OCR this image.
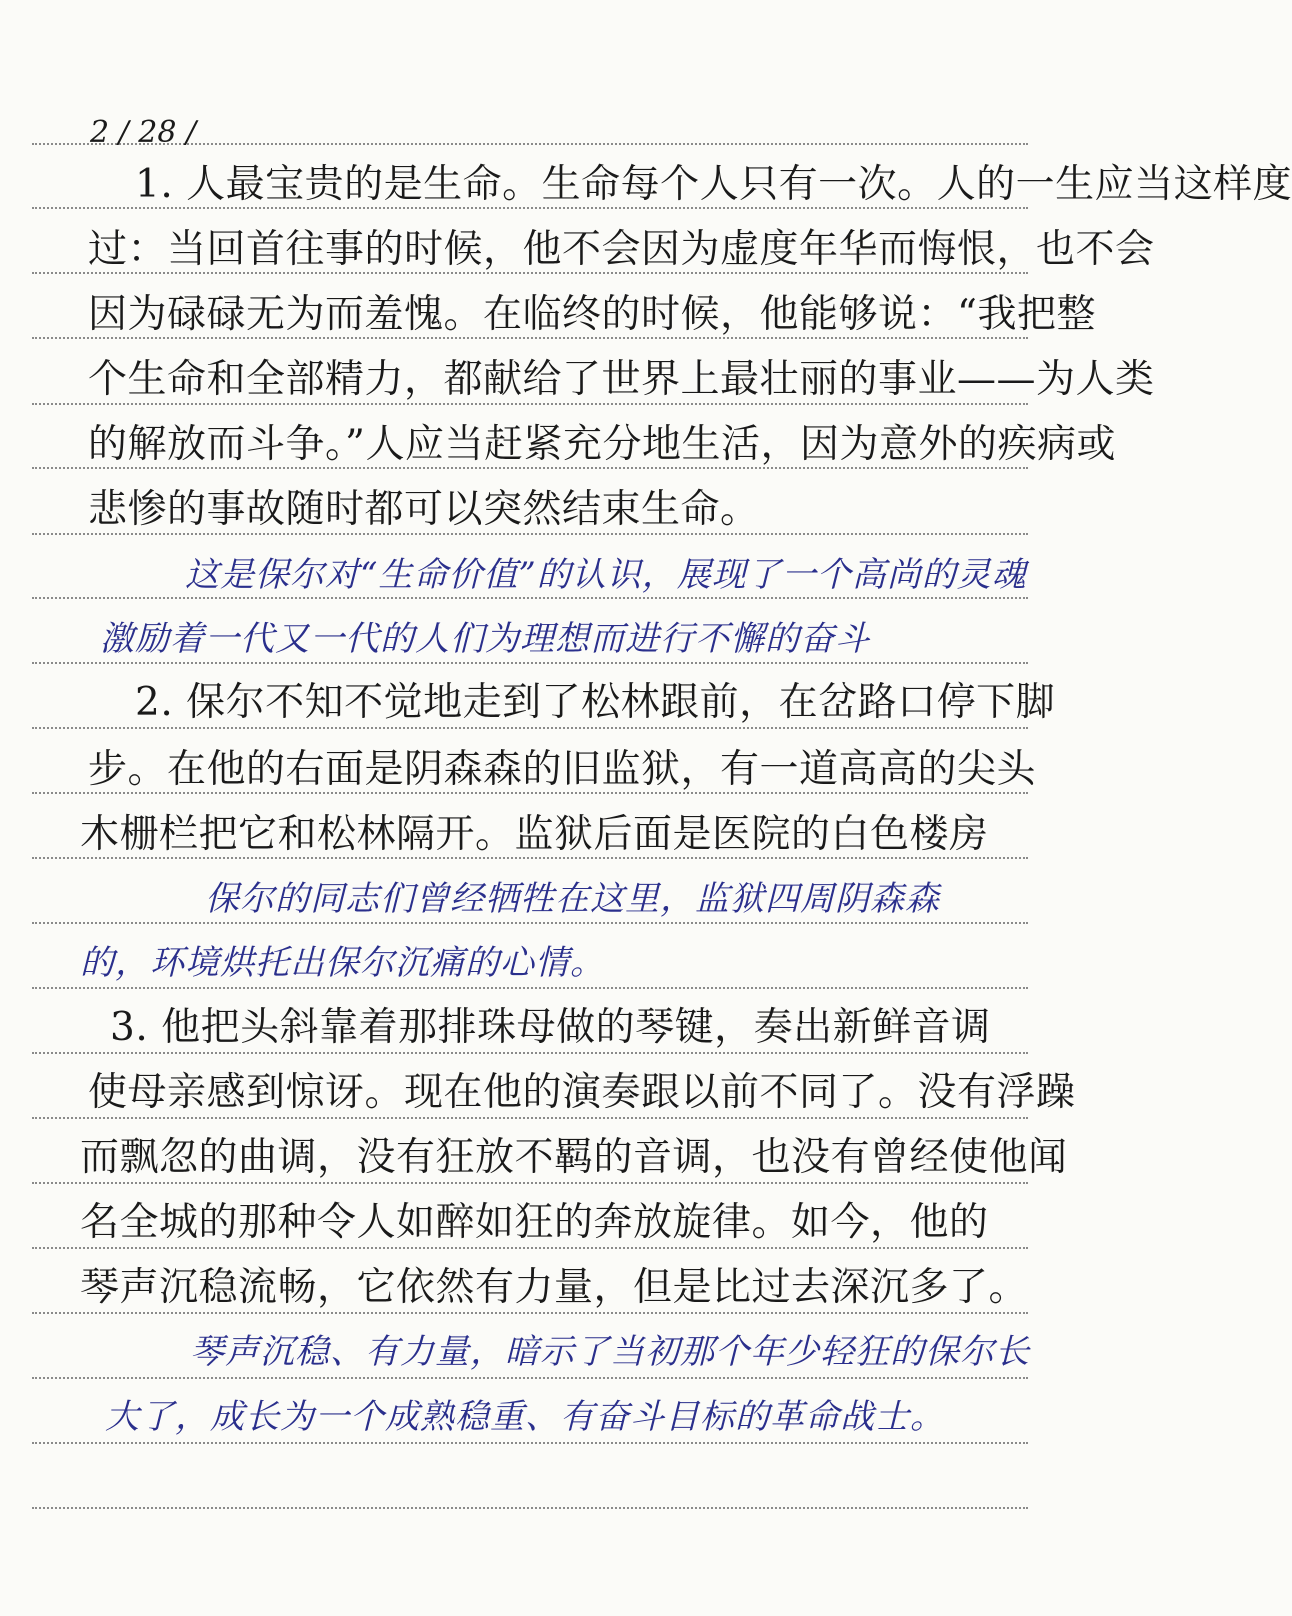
2 / 28 /
1. 人最宝贵的是生命。生命每个人只有一次。人的一生应当这样度
过：当回首往事的时候，他不会因为虚度年华而悔恨，也不会
因为碌碌无为而羞愧。在临终的时候，他能够说：“我把整
个生命和全部精力，都献给了世界上最壮丽的事业——为人类
的解放而斗争。”人应当赶紧充分地生活，因为意外的疾病或
悲惨的事故随时都可以突然结束生命。
这是保尔对“生命价值”的认识，展现了一个高尚的灵魂
激励着一代又一代的人们为理想而进行不懈的奋斗
2. 保尔不知不觉地走到了松林跟前，在岔路口停下脚
步。在他的右面是阴森森的旧监狱，有一道高高的尖头
木栅栏把它和松林隔开。监狱后面是医院的白色楼房
保尔的同志们曾经牺牲在这里，监狱四周阴森森
的，环境烘托出保尔沉痛的心情。
3. 他把头斜靠着那排珠母做的琴键，奏出新鲜音调
使母亲感到惊讶。现在他的演奏跟以前不同了。没有浮躁
而飘忽的曲调，没有狂放不羁的音调，也没有曾经使他闻
名全城的那种令人如醉如狂的奔放旋律。如今，他的
琴声沉稳流畅，它依然有力量，但是比过去深沉多了。
琴声沉稳、有力量，暗示了当初那个年少轻狂的保尔长
大了，成长为一个成熟稳重、有奋斗目标的革命战士。
